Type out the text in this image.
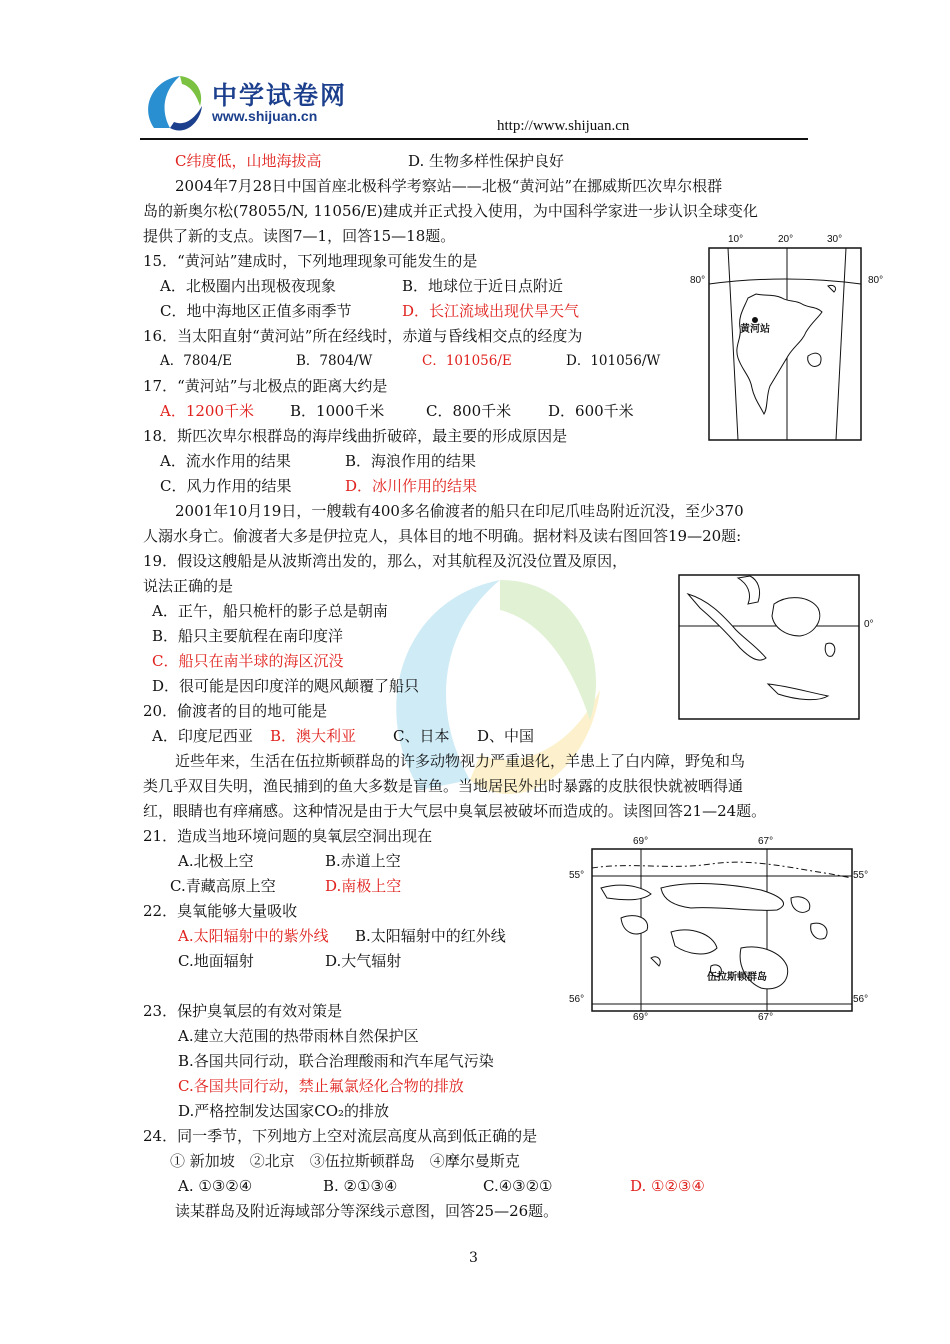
中学试卷网
www.shijuan.cn
http://www.shijuan.cn
C纬度低，山地海拔高	D. 生物多样性保护良好
2004年7月28日中国首座北极科学考察站——北极“黄河站”在挪威斯匹次卑尔根群
岛的新奥尔松(78055/N, 11056/E)建成并正式投入使用，为中国科学家进一步认识全球变化
提供了新的支点。读图7—1，回答15—18题。
15．“黄河站”建成时，下列地理现象可能发生的是
A．北极圈内出现极夜现象	B．地球位于近日点附近
C．地中海地区正值多雨季节	D．长江流域出现伏旱天气
16．当太阳直射“黄河站”所在经线时，赤道与昏线相交点的经度为
A．7804/E	B．7804/W	C．101056/E	D．101056/W
17．“黄河站”与北极点的距离大约是
A．1200千米 B．1000千米	C．800千米 D．600千米
18．斯匹次卑尔根群岛的海岸线曲折破碎，最主要的形成原因是
A．流水作用的结果	B．海浪作用的结果
C．风力作用的结果	D．冰川作用的结果
2001年10月19日，一艘载有400多名偷渡者的船只在印尼爪哇岛附近沉没，至少370
人溺水身亡。偷渡者大多是伊拉克人，具体目的地不明确。据材料及读右图回答19—20题:
19．假设这艘船是从波斯湾出发的，那么，对其航程及沉没位置及原因，
说法正确的是
A．正午，船只桅杆的影子总是朝南
B．船只主要航程在南印度洋
C．船只在南半球的海区沉没
D．很可能是因印度洋的飓风颠覆了船只
20．偷渡者的目的地可能是
A．印度尼西亚 B．澳大利亚 C、日本 D、中国
近些年来，生活在伍拉斯顿群岛的许多动物视力严重退化，羊患上了白内障，野兔和鸟
类几乎双目失明，渔民捕到的鱼大多数是盲鱼。当地居民外出时暴露的皮肤很快就被晒得通
红，眼睛也有痒痛感。这种情况是由于大气层中臭氧层被破坏而造成的。读图回答21—24题。
21．造成当地环境问题的臭氧层空洞出现在
A.北极上空	B.赤道上空
C.青藏高原上空	D.南极上空
22．臭氧能够大量吸收
A.太阳辐射中的紫外线 B.太阳辐射中的红外线
C.地面辐射	D.大气辐射
23．保护臭氧层的有效对策是
A.建立大范围的热带雨林自然保护区
B.各国共同行动，联合治理酸雨和汽车尾气污染
C.各国共同行动，禁止氟氯烃化合物的排放
D.严格控制发达国家CO₂的排放
24．同一季节，下列地方上空对流层高度从高到低正确的是
① 新加坡　②北京　③伍拉斯顿群岛　④摩尔曼斯克
A. ①③②④	B. ②①③④	C.④③②①	D. ①②③④
读某群岛及附近海域部分等深线示意图，回答25—26题。
10°	20°	30°
80°	80°
黄河站
0°
69°	67°
55°	55°
56°	56°
69°	67°
伍拉斯顿群岛
3
